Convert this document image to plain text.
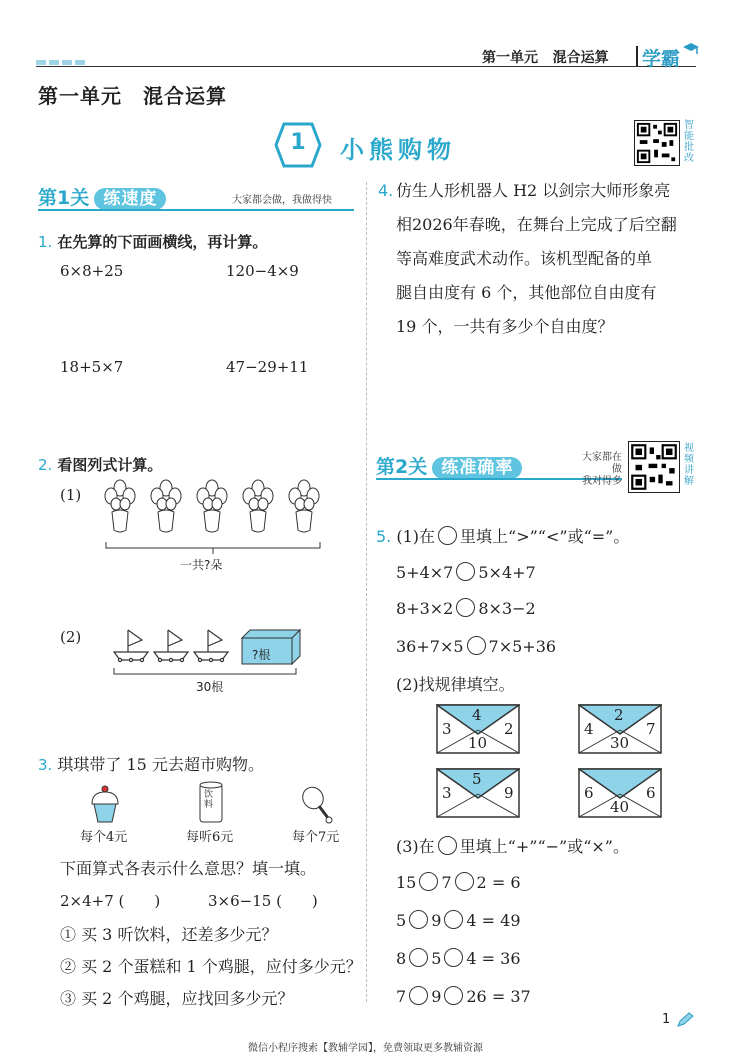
第一单元 混合运算 学霸
第一单元　混合运算
1	小熊购物
智能批改
视频讲解
第1关 练速度	大家都会做，我做得快
1. 在先算的下面画横线，再计算。
6×8+25	120−4×9
18+5×7	47−29+11
2. 看图列式计算。
(1)
一共?朵
(2)
?根
30根
3. 琪琪带了 15 元去超市购物。
每个4元
饮料
每听6元	每个7元
下面算式各表示什么意思？填一填。
2×4+7 (　　)	3×6−15 (　　)
① 买 3 听饮料，还差多少元？
② 买 2 个蛋糕和 1 个鸡腿，应付多少元？
③ 买 2 个鸡腿，应找回多少元？
4. 仿生人形机器人 H2 以剑宗大师形象亮
相2026年春晚，在舞台上完成了后空翻
等高难度武术动作。该机型配备的单
腿自由度有 6 个，其他部位自由度有
19 个，一共有多少个自由度？
第2关 练准确率
大家都在做
我对得多
5. (1)在 里填上“>”“<”或“=”。
5+4×7 5×4+7
8+3×2 8×3−2
36+7×5 7×5+36
(2)找规律填空。
4
3	2
10
2
4	7
30
5
3	9	6	6
40
(3)在 里填上“+”“−”或“×”。
15 7 2 = 6
5 9 4 = 49
8 5 4 = 36
7 9 26 = 37
1
微信小程序搜索【教辅学园】，免费领取更多教辅资源
